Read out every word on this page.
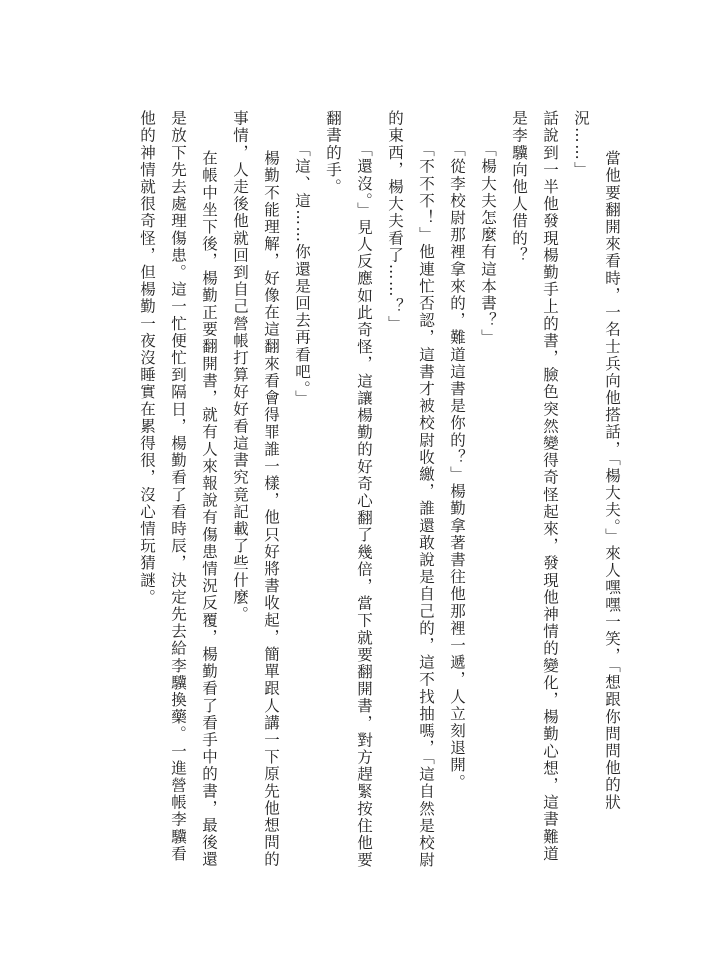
當他要翻開來看時，一名士兵向他搭話，「楊大夫。」來人嘿嘿一笑，「想跟你問問他的狀況……」

話說到一半他發現楊勤手上的書，臉色突然變得奇怪起來，發現他神情的變化，楊勤心想，這書難道是李驥向他人借的？

「楊大夫怎麼有這本書？」

「從李校尉那裡拿來的，難道這書是你的？」楊勤拿著書往他那裡一遞，人立刻退開。

「不不不！」他連忙否認，這書才被校尉收繳，誰還敢說是自己的，這不找抽嗎，「這自然是校尉的東西，楊大夫看了……？」

「還沒。」見人反應如此奇怪，這讓楊勤的好奇心翻了幾倍，當下就要翻開書，對方趕緊按住他要翻書的手。

「這、這……你還是回去再看吧。」

楊勤不能理解，好像在這翻來看會得罪誰一樣，他只好將書收起，簡單跟人講一下原先他想問的事情，人走後他就回到自己營帳打算好好看這書究竟記載了些什麼。

在帳中坐下後，楊勤正要翻開書，就有人來報說有傷患情況反覆，楊勤看了看手中的書，最後還是放下先去處理傷患。這一忙便忙到隔日，楊勤看了看時辰，決定先去給李驥換藥。一進營帳李驥看他的神情就很奇怪，但楊勤一夜沒睡實在累得很，沒心情玩猜謎。
